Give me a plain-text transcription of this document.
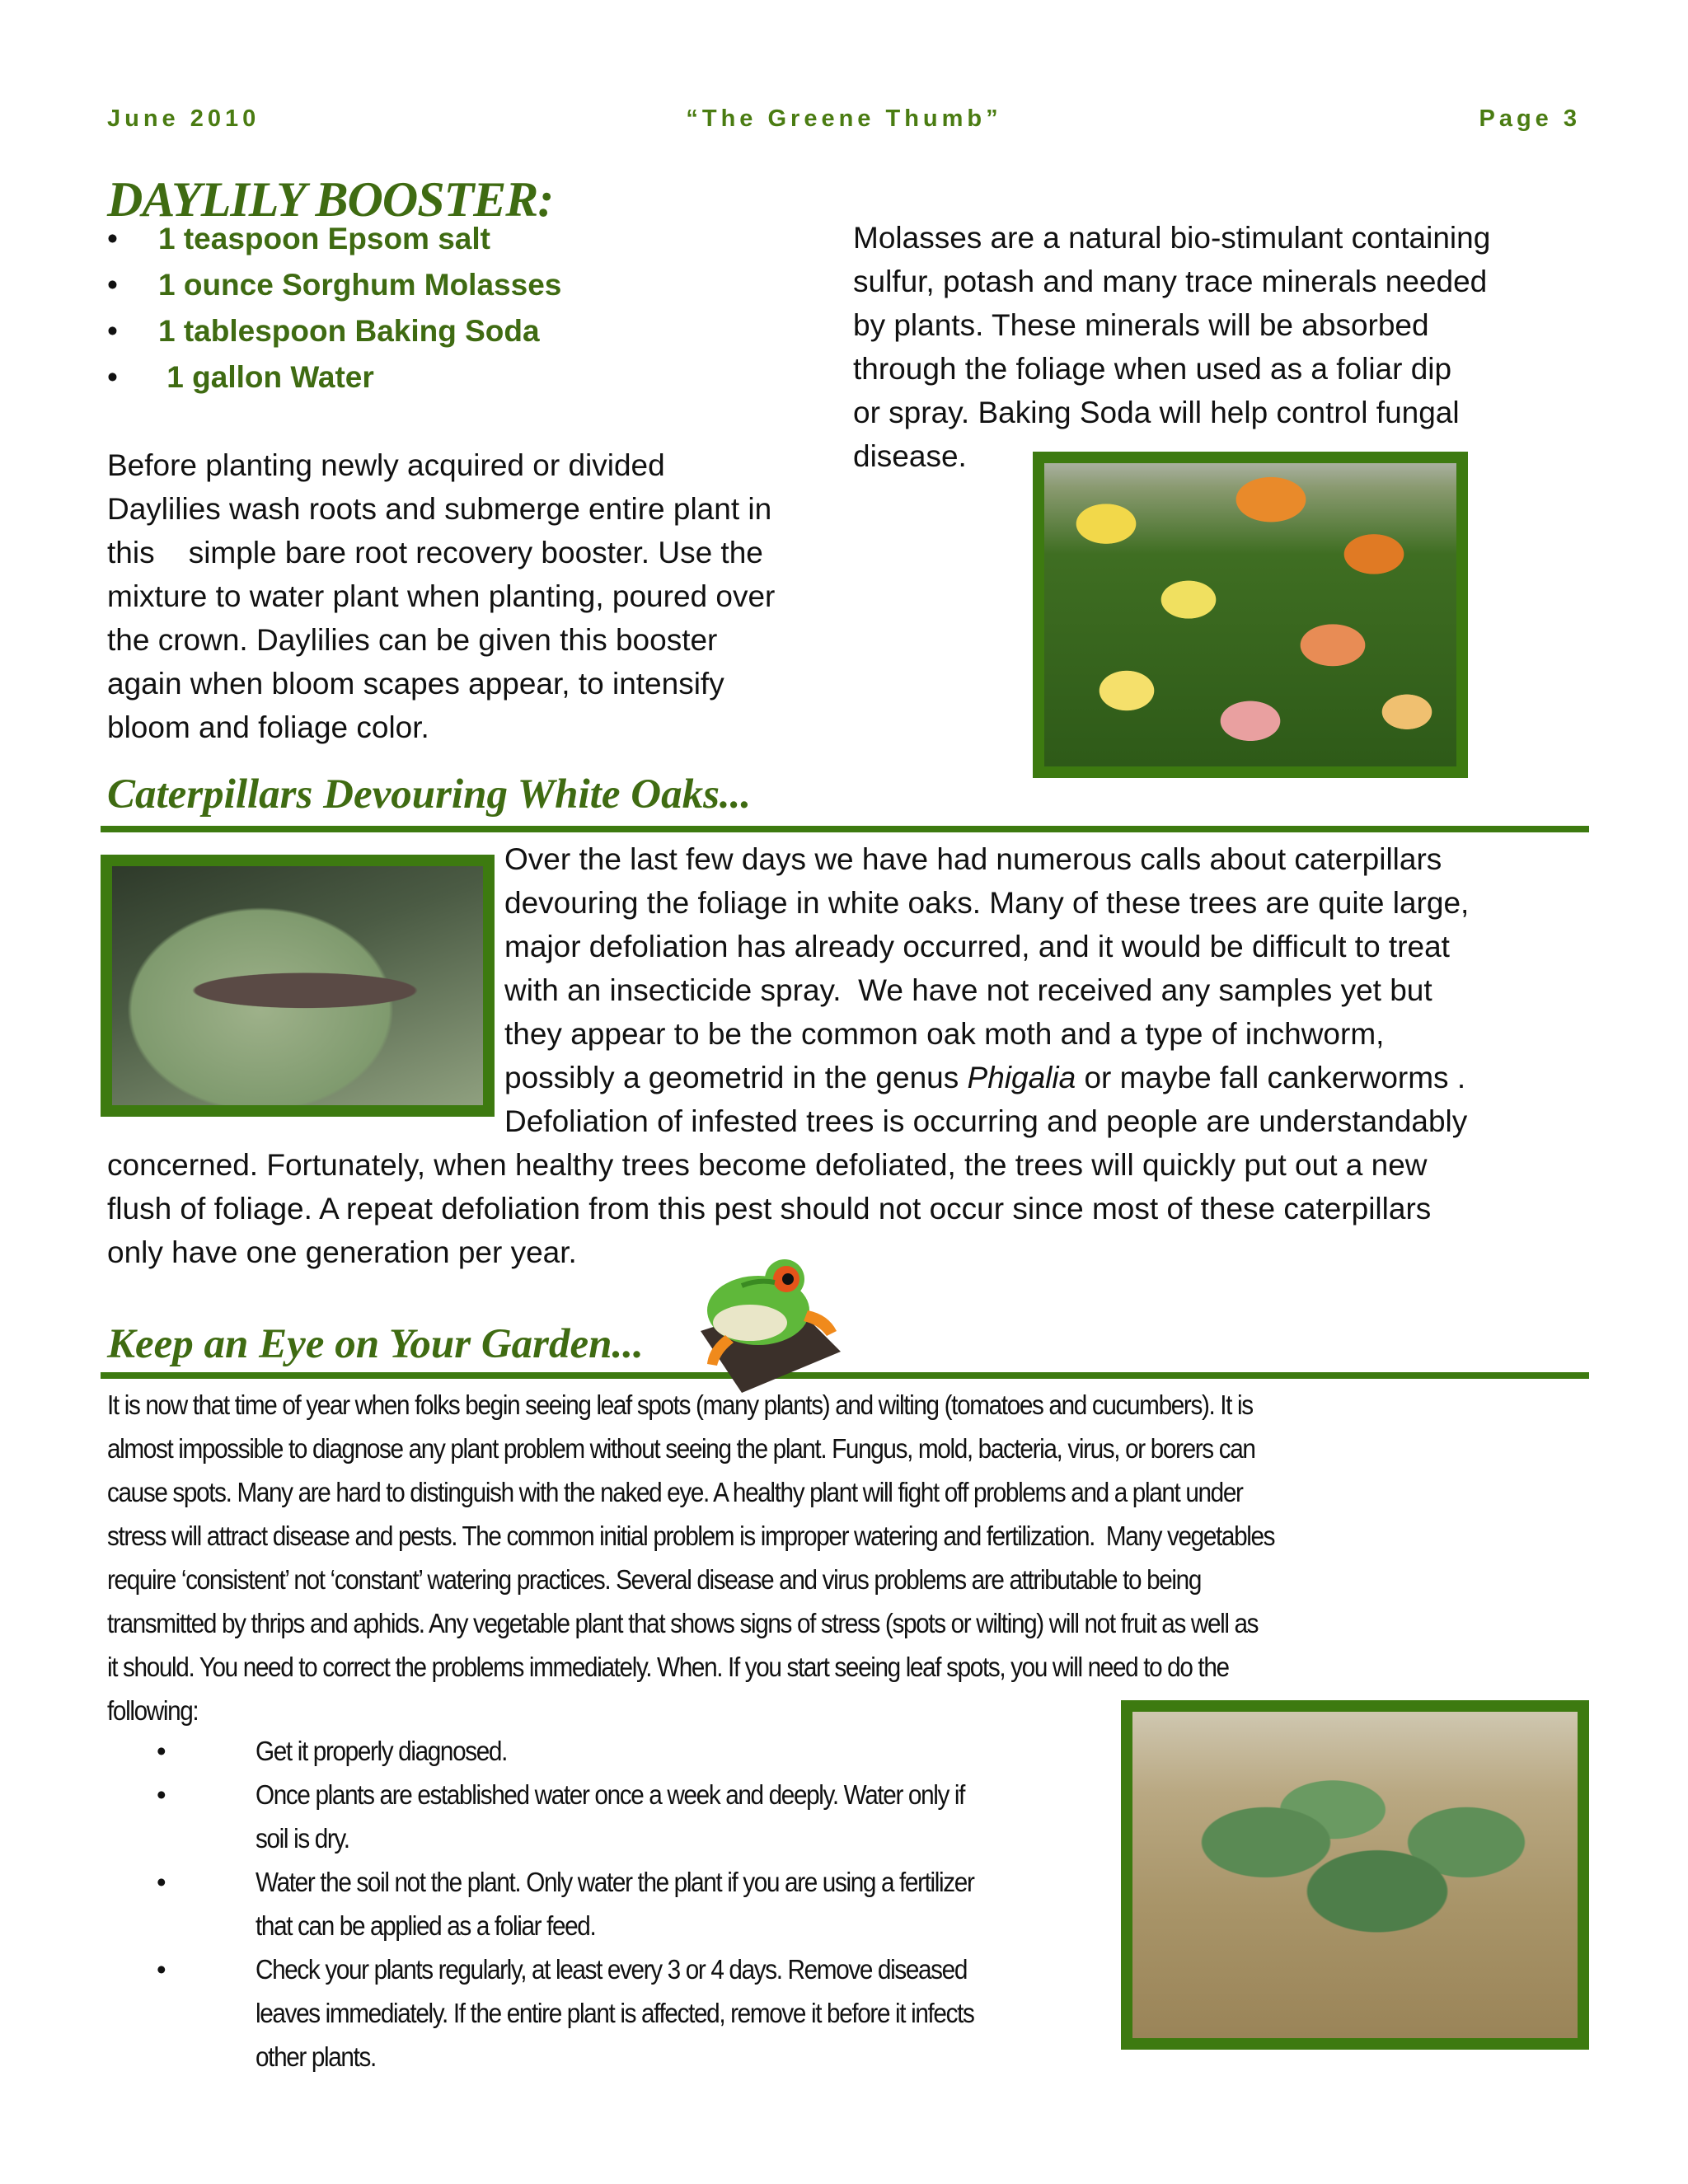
June 2010	“The Greene Thumb”	Page 3
DAYLILY BOOSTER:
• 1 teaspoon Epsom salt
• 1 ounce Sorghum Molasses
• 1 tablespoon Baking Soda
• 1 gallon Water
Before planting newly acquired or divided
Daylilies wash roots and submerge entire plant in
this    simple bare root recovery booster. Use the
mixture to water plant when planting, poured over
the crown. Daylilies can be given this booster
again when bloom scapes appear, to intensify
bloom and foliage color.
Molasses are a natural bio-stimulant containing
sulfur, potash and many trace minerals needed
by plants. These minerals will be absorbed
through the foliage when used as a foliar dip
or spray. Baking Soda will help control fungal
disease.
Caterpillars Devouring White Oaks...
Over the last few days we have had numerous calls about caterpillars
devouring the foliage in white oaks. Many of these trees are quite large,
major defoliation has already occurred, and it would be difficult to treat
with an insecticide spray.  We have not received any samples yet but
they appear to be the common oak moth and a type of inchworm,
possibly a geometrid in the genus Phigalia or maybe fall cankerworms .
Defoliation of infested trees is occurring and people are understandably
concerned. Fortunately, when healthy trees become defoliated, the trees will quickly put out a new
flush of foliage. A repeat defoliation from this pest should not occur since most of these caterpillars
only have one generation per year.
Keep an Eye on Your Garden...
It is now that time of year when folks begin seeing leaf spots (many plants) and wilting (tomatoes and cucumbers). It is
almost impossible to diagnose any plant problem without seeing the plant. Fungus, mold, bacteria, virus, or borers can
cause spots. Many are hard to distinguish with the naked eye. A healthy plant will fight off problems and a plant under
stress will attract disease and pests. The common initial problem is improper watering and fertilization.  Many vegetables
require ‘consistent’ not ‘constant’ watering practices. Several disease and virus problems are attributable to being
transmitted by thrips and aphids. Any vegetable plant that shows signs of stress (spots or wilting) will not fruit as well as
it should. You need to correct the problems immediately. When. If you start seeing leaf spots, you will need to do the
following:
•	Get it properly diagnosed.
•	Once plants are established water once a week and deeply. Water only if
soil is dry.
•	Water the soil not the plant. Only water the plant if you are using a fertilizer
that can be applied as a foliar feed.
•	Check your plants regularly, at least every 3 or 4 days. Remove diseased
leaves immediately. If the entire plant is affected, remove it before it infects
other plants.
